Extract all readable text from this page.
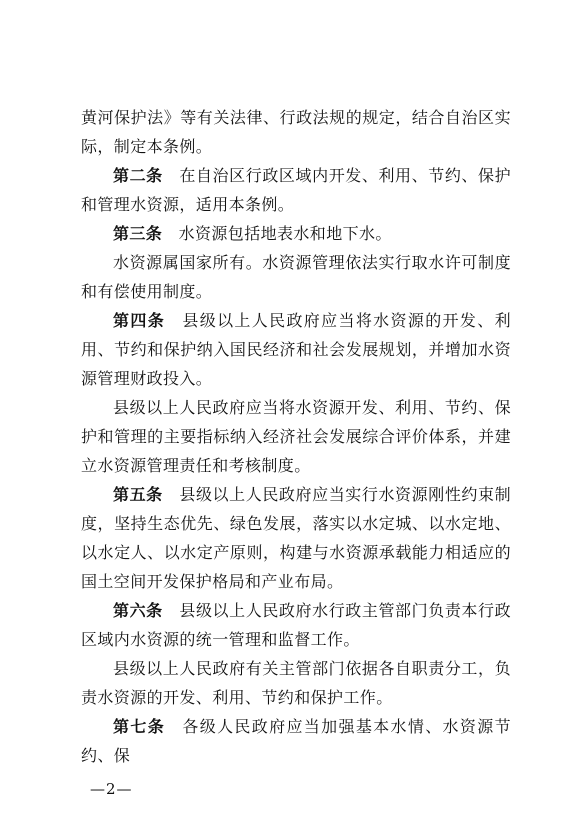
黄河保护法》等有关法律、行政法规的规定，结合自治区实际，制定本条例。

第二条　在自治区行政区域内开发、利用、节约、保护和管理水资源，适用本条例。

第三条　水资源包括地表水和地下水。

水资源属国家所有。水资源管理依法实行取水许可制度和有偿使用制度。

第四条　县级以上人民政府应当将水资源的开发、利用、节约和保护纳入国民经济和社会发展规划，并增加水资源管理财政投入。

县级以上人民政府应当将水资源开发、利用、节约、保护和管理的主要指标纳入经济社会发展综合评价体系，并建立水资源管理责任和考核制度。

第五条　县级以上人民政府应当实行水资源刚性约束制度，坚持生态优先、绿色发展，落实以水定城、以水定地、以水定人、以水定产原则，构建与水资源承载能力相适应的国土空间开发保护格局和产业布局。

第六条　县级以上人民政府水行政主管部门负责本行政区域内水资源的统一管理和监督工作。

县级以上人民政府有关主管部门依据各自职责分工，负责水资源的开发、利用、节约和保护工作。

第七条　各级人民政府应当加强基本水情、水资源节约、保

—2—
